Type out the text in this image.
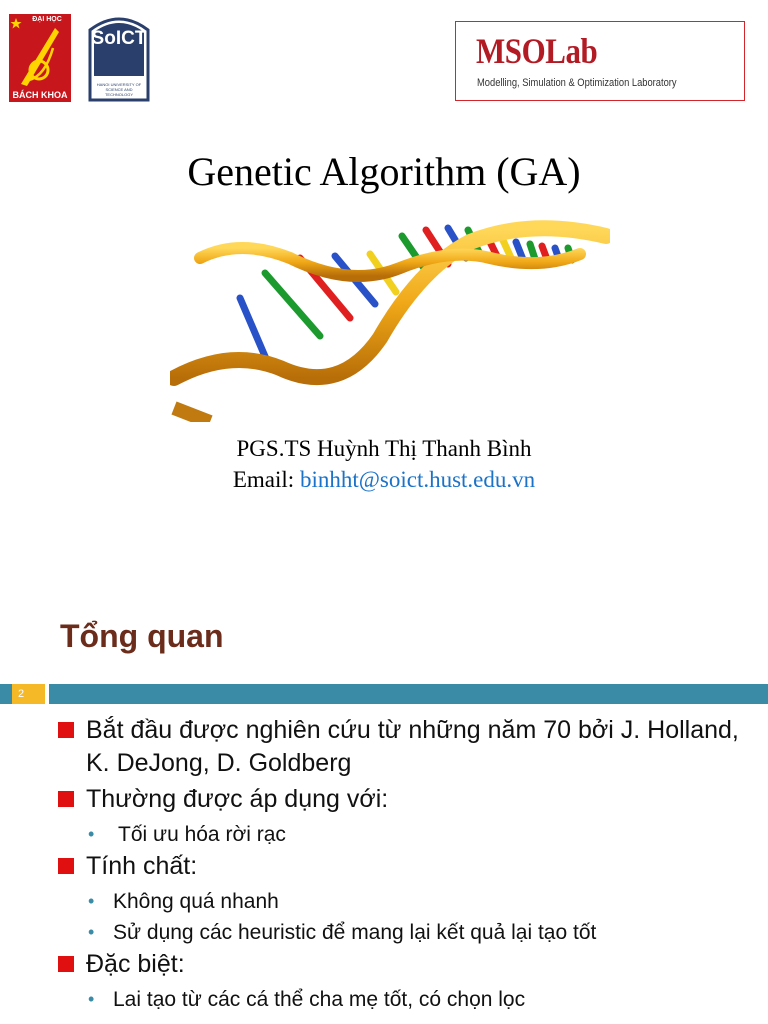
ĐẠI HỌC
BÁCH KHOA
SoICT
HANOI UNIVERSITY OF SCIENCE AND TECHNOLOGY
MSOLab
Modelling, Simulation & Optimization Laboratory
Genetic Algorithm (GA)
PGS.TS Huỳnh Thị Thanh Bình
Email: binhht@soict.hust.edu.vn
Tổng quan
2
Bắt đầu được nghiên cứu từ những năm 70 bởi J. Holland, K. DeJong, D. Goldberg
Thường được áp dụng với:
• Tối ưu hóa rời rạc
Tính chất:
• Không quá nhanh
• Sử dụng các heuristic để mang lại kết quả lại tạo tốt
Đặc biệt:
• Lai tạo từ các cá thể cha mẹ tốt, có chọn lọc
